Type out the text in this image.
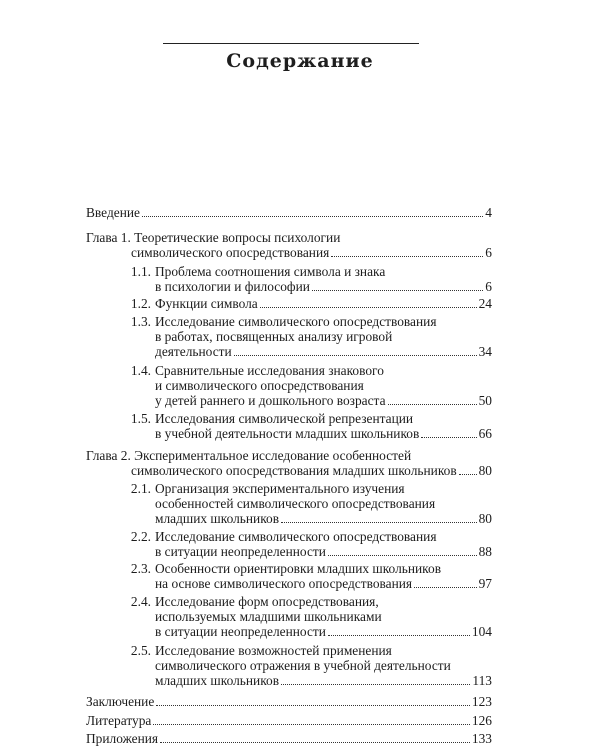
Содержание
Введение	4
Глава 1. Теоретические вопросы психологии
символического опосредствования	6
1.1. Проблема соотношения символа и знака
в психологии и философии	6
1.2. Функции символа	24
1.3. Исследование символического опосредствования
в работах, посвященных анализу игровой
деятельности	34
1.4. Сравнительные исследования знакового
и символического опосредствования
у детей раннего и дошкольного возраста	50
1.5. Исследования символической репрезентации
в учебной деятельности младших школьников	66
Глава 2. Экспериментальное исследование особенностей
символического опосредствования младших школьников 80
2.1. Организация экспериментального изучения
особенностей символического опосредствования
младших школьников	80
2.2. Исследование символического опосредствования
в ситуации неопределенности	88
2.3. Особенности ориентировки младших школьников
на основе символического опосредствования	97
2.4. Исследование форм опосредствования,
используемых младшими школьниками
в ситуации неопределенности	104
2.5. Исследование возможностей применения
символического отражения в учебной деятельности
младших школьников	113
Заключение	123
Литература	126
Приложения	133
